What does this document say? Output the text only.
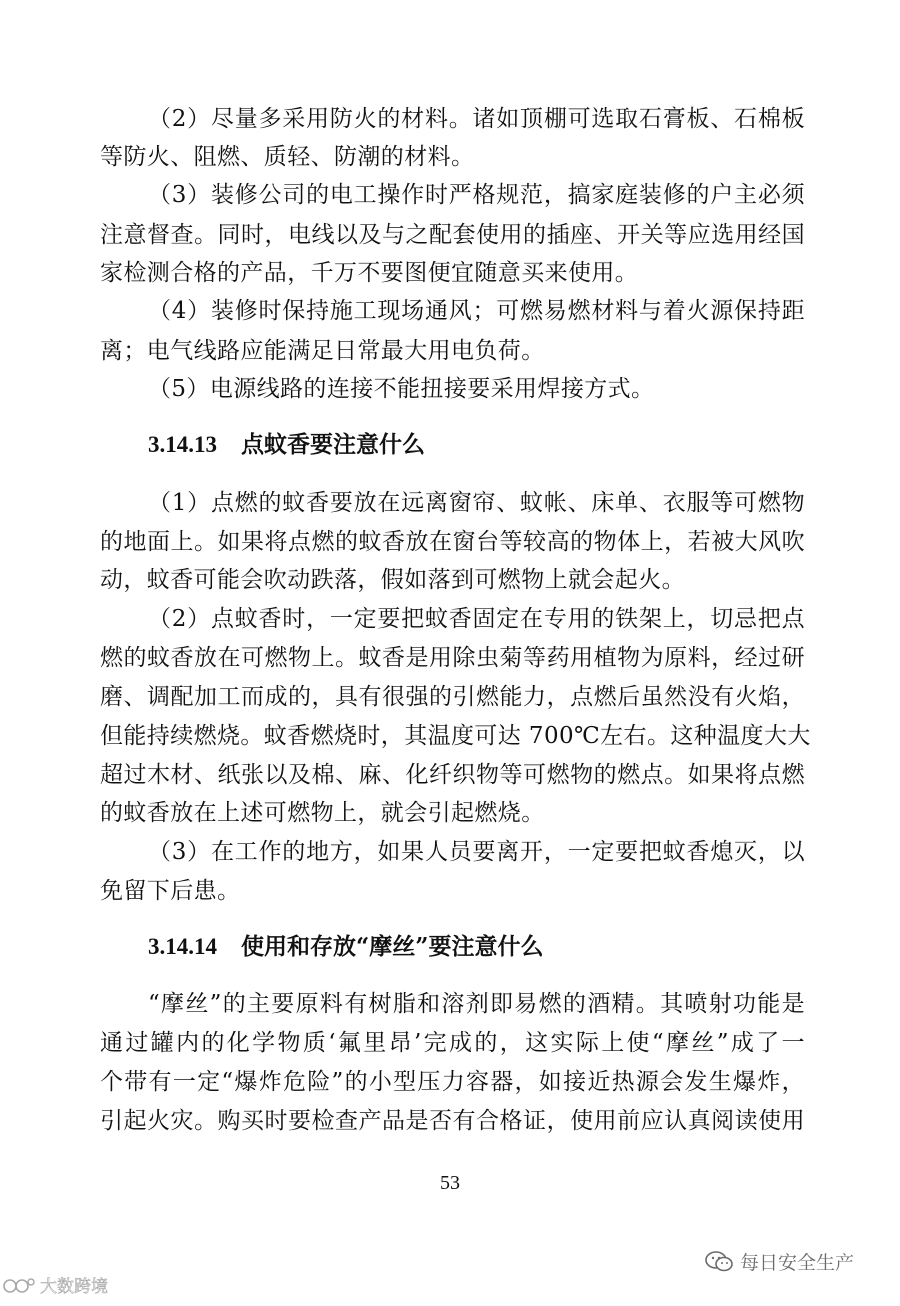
（2）尽量多采用防火的材料。诸如顶棚可选取石膏板、石棉板
等防火、阻燃、质轻、防潮的材料。
（3）装修公司的电工操作时严格规范，搞家庭装修的户主必须
注意督查。同时，电线以及与之配套使用的插座、开关等应选用经国
家检测合格的产品，千万不要图便宜随意买来使用。
（4）装修时保持施工现场通风；可燃易燃材料与着火源保持距
离；电气线路应能满足日常最大用电负荷。
（5）电源线路的连接不能扭接要采用焊接方式。
3.14.13 点蚊香要注意什么
（1）点燃的蚊香要放在远离窗帘、蚊帐、床单、衣服等可燃物
的地面上。如果将点燃的蚊香放在窗台等较高的物体上，若被大风吹
动，蚊香可能会吹动跌落，假如落到可燃物上就会起火。
（2）点蚊香时，一定要把蚊香固定在专用的铁架上，切忌把点
燃的蚊香放在可燃物上。蚊香是用除虫菊等药用植物为原料，经过研
磨、调配加工而成的，具有很强的引燃能力，点燃后虽然没有火焰，
但能持续燃烧。蚊香燃烧时，其温度可达 700℃左右。这种温度大大
超过木材、纸张以及棉、麻、化纤织物等可燃物的燃点。如果将点燃
的蚊香放在上述可燃物上，就会引起燃烧。
（3）在工作的地方，如果人员要离开，一定要把蚊香熄灭，以
免留下后患。
3.14.14 使用和存放“摩丝”要注意什么
“摩丝”的主要原料有树脂和溶剂即易燃的酒精。其喷射功能是
通过罐内的化学物质‘氟里昂’完成的，这实际上使“摩丝”成了一
个带有一定“爆炸危险”的小型压力容器，如接近热源会发生爆炸，
引起火灾。购买时要检查产品是否有合格证，使用前应认真阅读使用
53
大数跨境
每日安全生产
